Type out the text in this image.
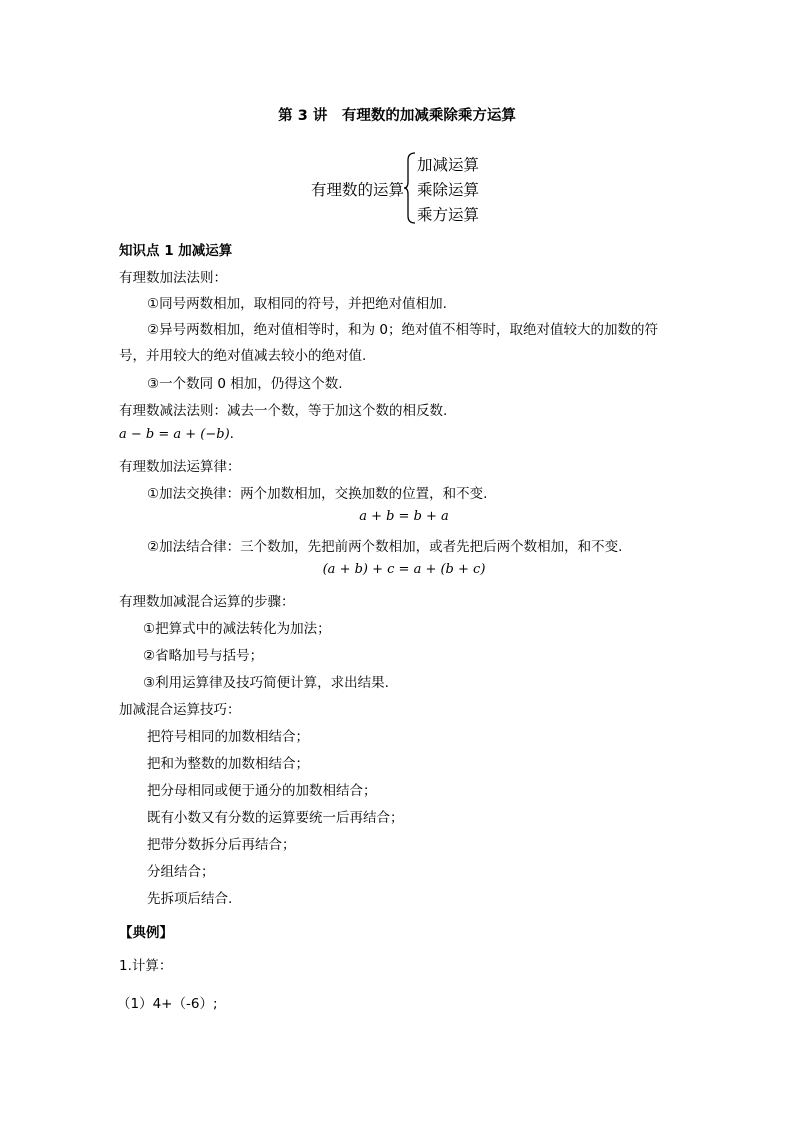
第 3 讲　有理数的加减乘除乘方运算
有理数的运算
加减运算
乘除运算
乘方运算
知识点 1 加减运算
有理数加法法则：
①同号两数相加，取相同的符号，并把绝对值相加.
②异号两数相加，绝对值相等时，和为 0；绝对值不相等时，取绝对值较大的加数的符
号，并用较大的绝对值减去较小的绝对值.
③一个数同 0 相加，仍得这个数.
有理数减法法则：减去一个数，等于加这个数的相反数.
a − b = a + (−b).
有理数加法运算律：
①加法交换律：两个加数相加，交换加数的位置，和不变.
a + b = b + a
②加法结合律：三个数加，先把前两个数相加，或者先把后两个数相加，和不变.
(a + b) + c = a + (b + c)
有理数加减混合运算的步骤：
①把算式中的减法转化为加法；
②省略加号与括号；
③利用运算律及技巧简便计算，求出结果.
加减混合运算技巧：
把符号相同的加数相结合；
把和为整数的加数相结合；
把分母相同或便于通分的加数相结合；
既有小数又有分数的运算要统一后再结合；
把带分数拆分后再结合；
分组结合；
先拆项后结合.
【典例】
1.计算：
（1）4+（-6）;
